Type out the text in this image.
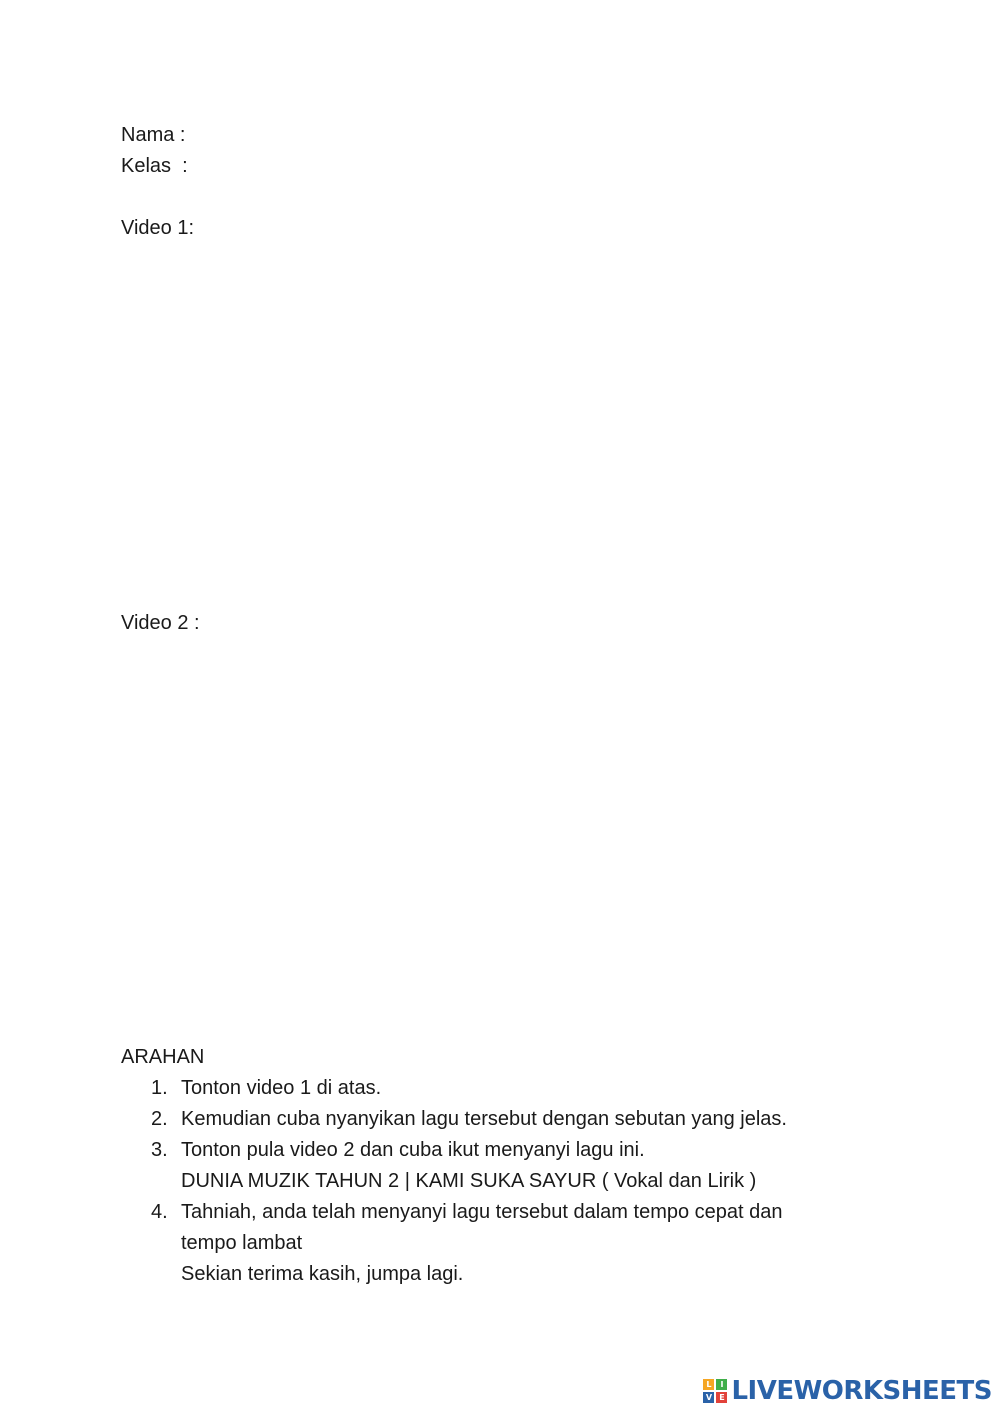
Nama :
Kelas  :
Video 1:
Video 2 :
ARAHAN
1. Tonton video 1 di atas.
2. Kemudian cuba nyanyikan lagu tersebut dengan sebutan yang jelas.
3. Tonton pula video 2 dan cuba ikut menyanyi lagu ini.
DUNIA MUZIK TAHUN 2 | KAMI SUKA SAYUR ( Vokal dan Lirik )
4. Tahniah, anda telah menyanyi lagu tersebut dalam tempo cepat dan
tempo lambat
Sekian terima kasih, jumpa lagi.
L	I
V E LIVEWORKSHEETS
